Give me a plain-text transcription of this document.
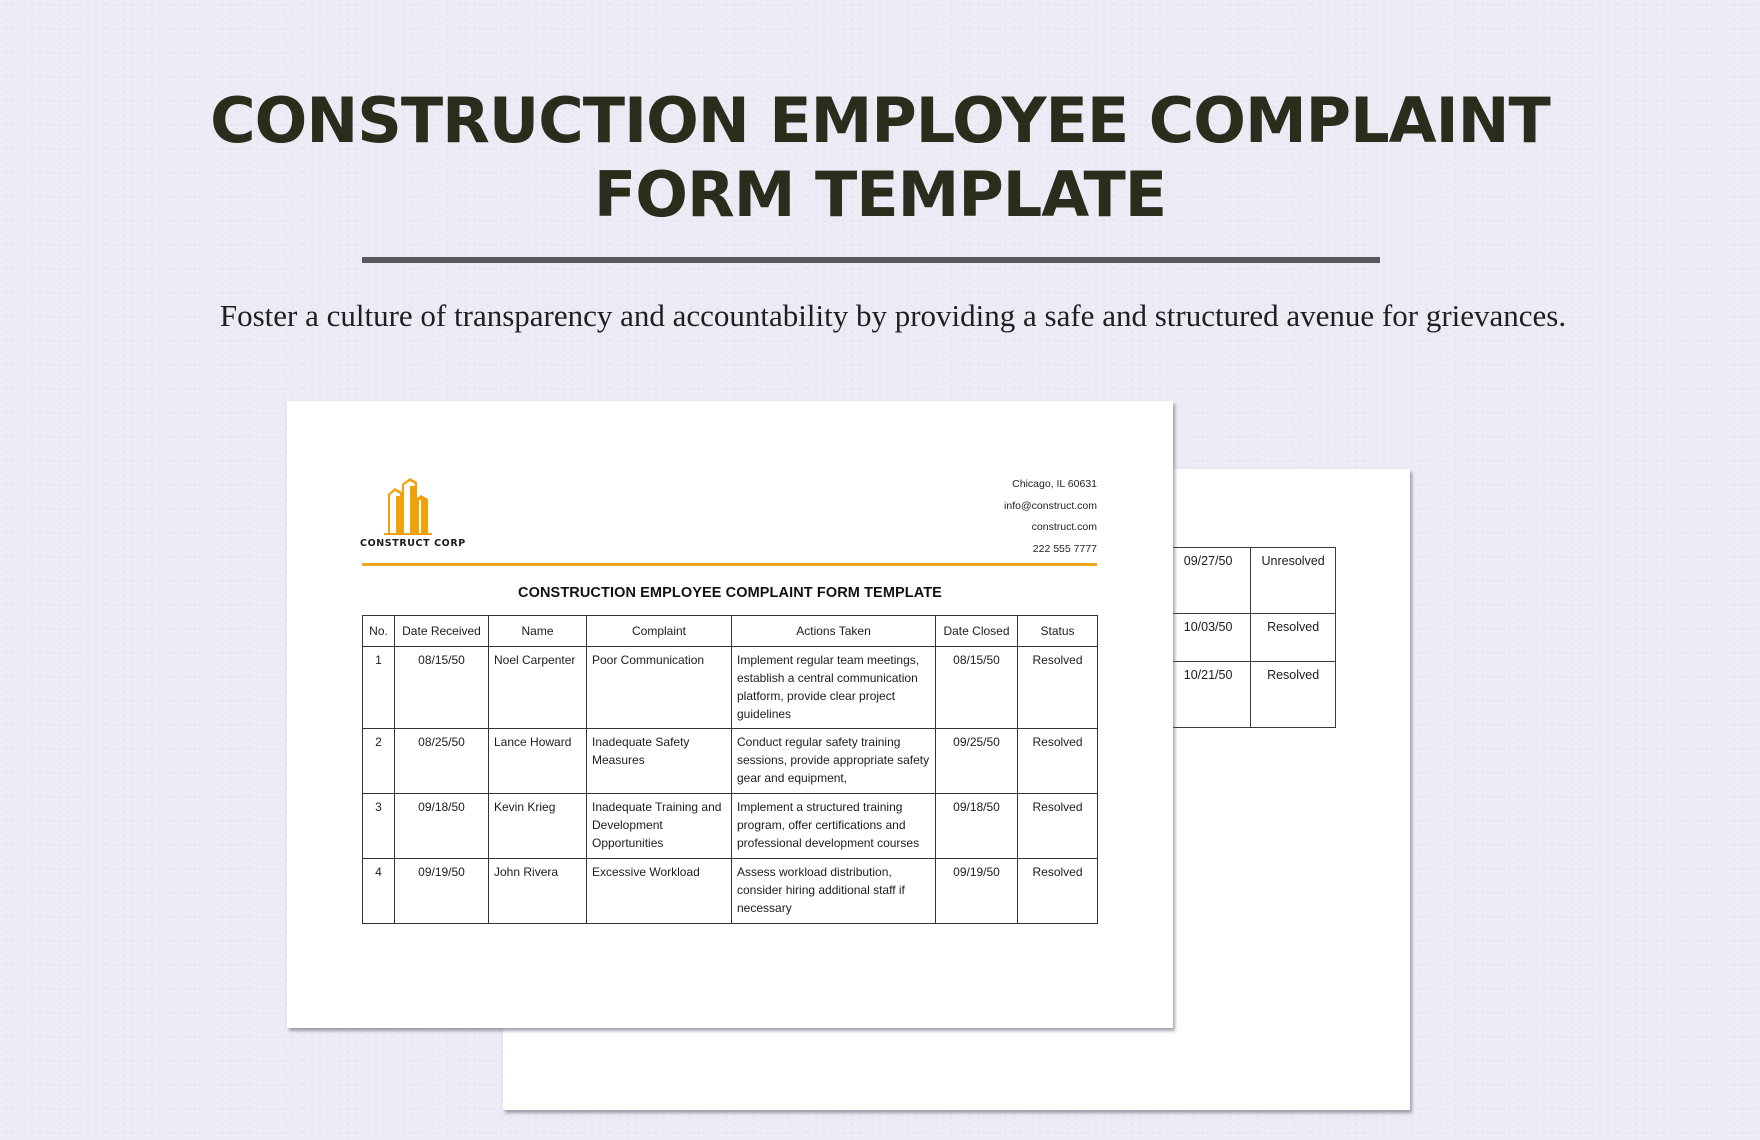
CONSTRUCTION EMPLOYEE COMPLAINT
FORM TEMPLATE
Foster a culture of transparency and accountability by providing a safe and structured avenue for grievances.
09/27/50	Unresolved
10/03/50	Resolved
10/21/50	Resolved
CONSTRUCT CORP
Chicago, IL 60631
info@construct.com
construct.com
222 555 7777
CONSTRUCTION EMPLOYEE COMPLAINT FORM TEMPLATE
No.	Date Received	Name	Complaint	Actions Taken	Date Closed	Status
1	08/15/50	Noel Carpenter	Poor Communication	Implement regular team meetings, establish a central communication platform, provide clear project guidelines	08/15/50	Resolved
2	08/25/50	Lance Howard	Inadequate Safety Measures	Conduct regular safety training sessions, provide appropriate safety gear and equipment,	09/25/50	Resolved
3	09/18/50	Kevin Krieg	Inadequate Training and Development Opportunities	Implement a structured training program, offer certifications and professional development courses	09/18/50	Resolved
4	09/19/50	John Rivera	Excessive Workload	Assess workload distribution, consider hiring additional staff if necessary	09/19/50	Resolved
